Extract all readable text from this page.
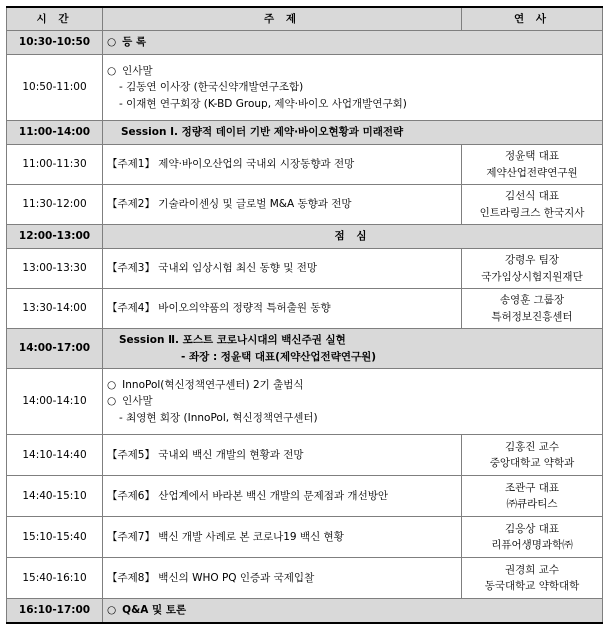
시 간	주 제	연 사
10:30-10:50	○ 등 록
10:50-11:00	○ 인사말
- 김동연 이사장 (한국신약개발연구조합)
- 이재현 연구회장 (K-BD Group, 제약·바이오 사업개발연구회)

11:00-14:00	Session Ⅰ. 정량적 데이터 기반 제약·바이오현황과 미래전략	
11:00-11:30	【주제1】 제약·바이오산업의 국내외 시장동향과 전망	정윤택 대표
제약산업전략연구원

11:30-12:00	【주제2】 기술라이센싱 및 글로벌 M&A 동향과 전망	김선식 대표
인트라링크스 한국지사

12:00-13:00	점 심	
13:00-13:30	【주제3】 국내외 임상시험 최신 동향 및 전망	강령우 팀장
국가임상시험지원재단

13:30-14:00	【주제4】 바이오의약품의 정량적 특허출원 동향	송영훈 그룹장
특허정보진흥센터

14:00-17:00	Session Ⅱ. 포스트 코로나시대의 백신주권 실현
- 좌장 : 정윤택 대표(제약산업전략연구원)	

14:00-14:10	○ InnoPol(혁신정책연구센터) 2기 출범식
○ 인사말
- 최영현 회장 (InnoPol, 혁신정책연구센터)

14:10-14:40	【주제5】 국내외 백신 개발의 현황과 전망	김홍진 교수
중앙대학교 약학과

14:40-15:10	【주제6】 산업계에서 바라본 백신 개발의 문제점과 개선방안	조관구 대표
㈜큐라티스

15:10-15:40	【주제7】 백신 개발 사례로 본 코로나19 백신 현황	김응상 대표
리퓨어생명과학㈜

15:40-16:10	【주제8】 백신의 WHO PQ 인증과 국제입찰	권경희 교수
동국대학교 약학대학

16:10-17:00	○ Q&A 및 토론
